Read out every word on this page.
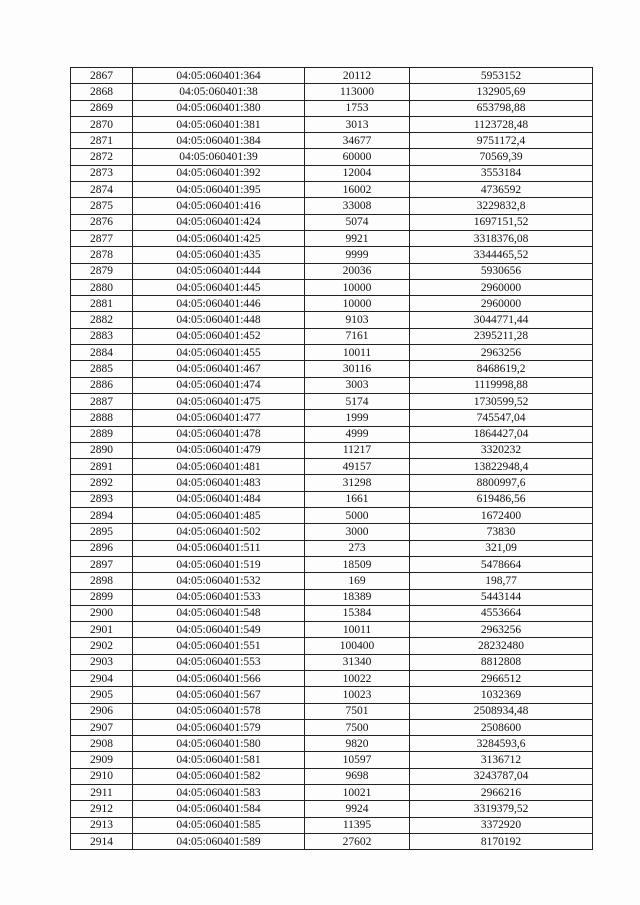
2867	04:05:060401:364	20112	5953152
2868	04:05:060401:38	113000	132905,69
2869	04:05:060401:380	1753	653798,88
2870	04:05:060401:381	3013	1123728,48
2871	04:05:060401:384	34677	9751172,4
2872	04:05:060401:39	60000	70569,39
2873	04:05:060401:392	12004	3553184
2874	04:05:060401:395	16002	4736592
2875	04:05:060401:416	33008	3229832,8
2876	04:05:060401:424	5074	1697151,52
2877	04:05:060401:425	9921	3318376,08
2878	04:05:060401:435	9999	3344465,52
2879	04:05:060401:444	20036	5930656
2880	04:05:060401:445	10000	2960000
2881	04:05:060401:446	10000	2960000
2882	04:05:060401:448	9103	3044771,44
2883	04:05:060401:452	7161	2395211,28
2884	04:05:060401:455	10011	2963256
2885	04:05:060401:467	30116	8468619,2
2886	04:05:060401:474	3003	1119998,88
2887	04:05:060401:475	5174	1730599,52
2888	04:05:060401:477	1999	745547,04
2889	04:05:060401:478	4999	1864427,04
2890	04:05:060401:479	11217	3320232
2891	04:05:060401:481	49157	13822948,4
2892	04:05:060401:483	31298	8800997,6
2893	04:05:060401:484	1661	619486,56
2894	04:05:060401:485	5000	1672400
2895	04:05:060401:502	3000	73830
2896	04:05:060401:511	273	321,09
2897	04:05:060401:519	18509	5478664
2898	04:05:060401:532	169	198,77
2899	04:05:060401:533	18389	5443144
2900	04:05:060401:548	15384	4553664
2901	04:05:060401:549	10011	2963256
2902	04:05:060401:551	100400	28232480
2903	04:05:060401:553	31340	8812808
2904	04:05:060401:566	10022	2966512
2905	04:05:060401:567	10023	1032369
2906	04:05:060401:578	7501	2508934,48
2907	04:05:060401:579	7500	2508600
2908	04:05:060401:580	9820	3284593,6
2909	04:05:060401:581	10597	3136712
2910	04:05:060401:582	9698	3243787,04
2911	04:05:060401:583	10021	2966216
2912	04:05:060401:584	9924	3319379,52
2913	04:05:060401:585	11395	3372920
2914	04:05:060401:589	27602	8170192
